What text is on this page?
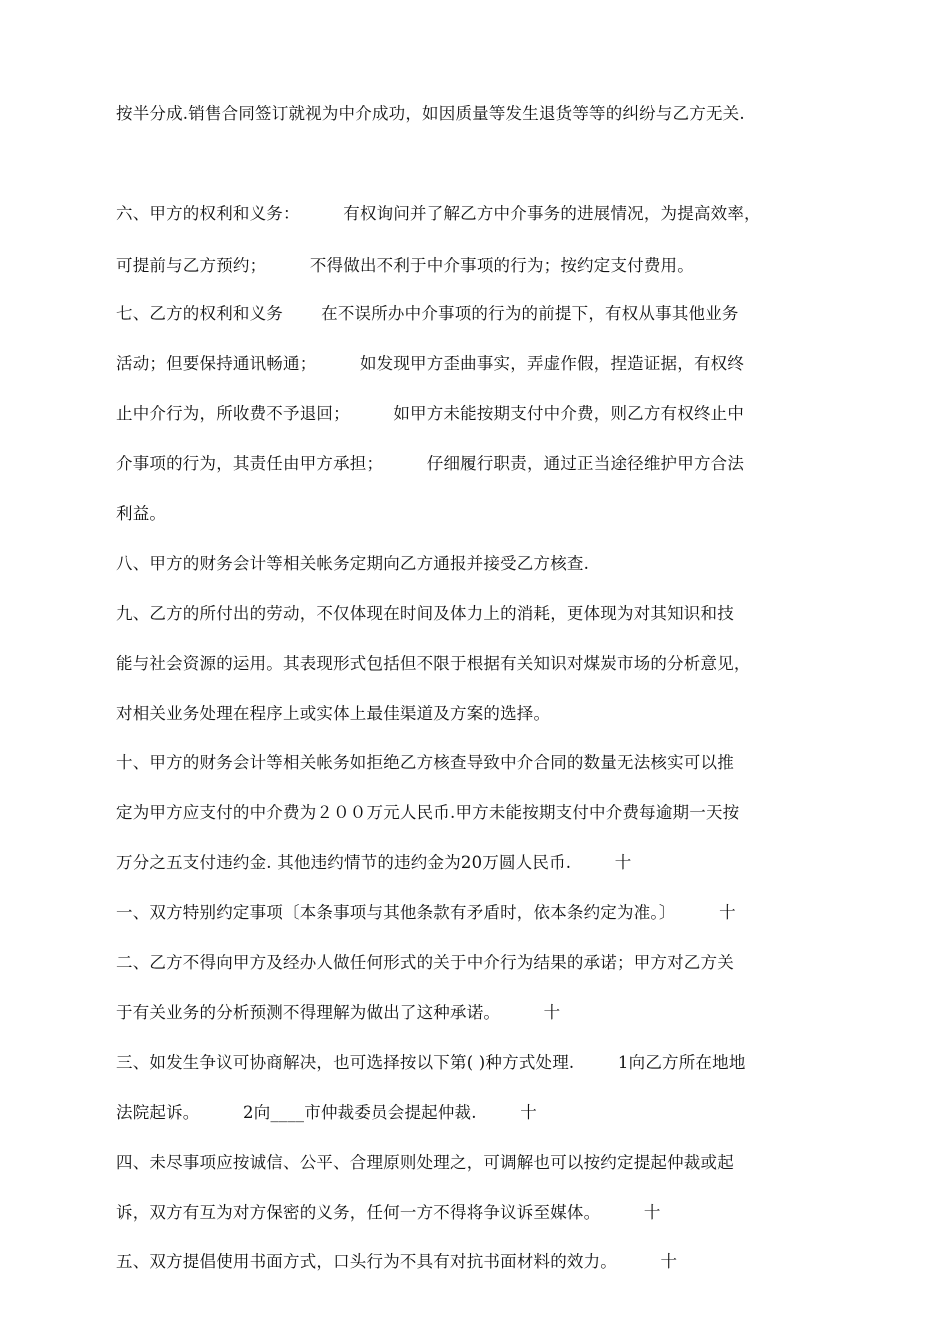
按半分成.销售合同签订就视为中介成功，如因质量等发生退货等等的纠纷与乙方无关.
六、甲方的权利和义务：        有权询问并了解乙方中介事务的进展情况，为提高效率，
可提前与乙方预约；        不得做出不利于中介事项的行为；按约定支付费用。
七、乙方的权利和义务       在不误所办中介事项的行为的前提下，有权从事其他业务
活动；但要保持通讯畅通；        如发现甲方歪曲事实，弄虚作假，捏造证据，有权终
止中介行为，所收费不予退回；        如甲方未能按期支付中介费，则乙方有权终止中
介事项的行为，其责任由甲方承担；        仔细履行职责，通过正当途径维护甲方合法
利益。
八、甲方的财务会计等相关帐务定期向乙方通报并接受乙方核查.
九、乙方的所付出的劳动，不仅体现在时间及体力上的消耗，更体现为对其知识和技
能与社会资源的运用。其表现形式包括但不限于根据有关知识对煤炭市场的分析意见，
对相关业务处理在程序上或实体上最佳渠道及方案的选择。
十、甲方的财务会计等相关帐务如拒绝乙方核查导致中介合同的数量无法核实可以推
定为甲方应支付的中介费为２００万元人民币.甲方未能按期支付中介费每逾期一天按
万分之五支付违约金. 其他违约情节的违约金为20万圆人民币.        十
一、双方特别约定事项〔本条事项与其他条款有矛盾时，依本条约定为准。〕        十
二、乙方不得向甲方及经办人做任何形式的关于中介行为结果的承诺；甲方对乙方关
于有关业务的分析预测不得理解为做出了这种承诺。        十
三、如发生争议可协商解决，也可选择按以下第( )种方式处理.        1向乙方所在地地
法院起诉。        2向____市仲裁委员会提起仲裁.        十
四、未尽事项应按诚信、公平、合理原则处理之，可调解也可以按约定提起仲裁或起
诉，双方有互为对方保密的义务，任何一方不得将争议诉至媒体。        十
五、双方提倡使用书面方式，口头行为不具有对抗书面材料的效力。        十
